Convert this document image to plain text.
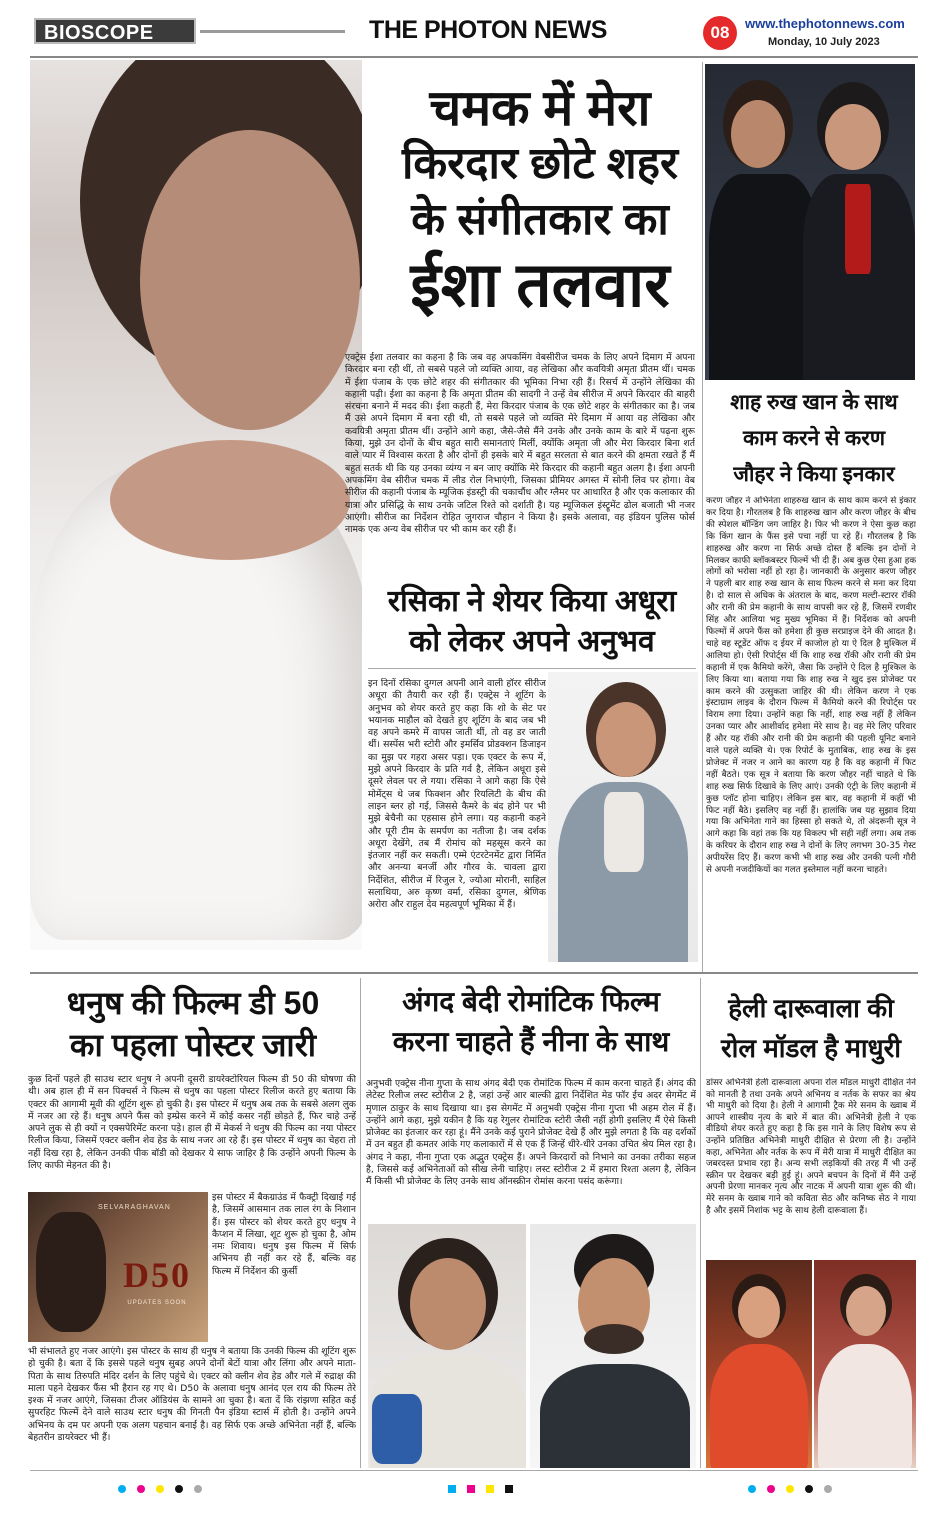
BIOSCOPE	THE PHOTON NEWS	08	www.thephotonnews.com
Monday, 10 July 2023
चमक में मेरा
किरदार छोटे शहर
के संगीतकार का
ईशा तलवार
एक्ट्रेस ईशा तलवार का कहना है कि जब वह अपकमिंग वेबसीरीज चमक के लिए अपने दिमाग में अपना किरदार बना रही थीं, तो सबसे पहले जो व्यक्ति आया, वह लेखिका और कवयित्री अमृता प्रीतम थीं। चमक में ईशा पंजाब के एक छोटे शहर की संगीतकार की भूमिका निभा रही हैं। रिसर्च में उन्होंने लेखिका की कहानी पढ़ी। ईशा का कहना है कि अमृता प्रीतम की सादगी ने उन्हें वेब सीरीज में अपने किरदार की बाहरी संरचना बनाने में मदद की। ईशा कहती हैं, मेरा किरदार पंजाब के एक छोटे शहर के संगीतकार का है। जब मैं उसे अपने दिमाग में बना रही थी, तो सबसे पहले जो व्यक्ति मेरे दिमाग में आया वह लेखिका और कवयित्री अमृता प्रीतम थीं। उन्होंने आगे कहा, जैसे-जैसे मैंने उनके और उनके काम के बारे में पढ़ना शुरू किया, मुझे उन दोनों के बीच बहुत सारी समानताएं मिलीं, क्योंकि अमृता जी और मेरा किरदार बिना शर्त वाले प्यार में विश्वास करता है और दोनों ही इसके बारे में बहुत सरलता से बात करने की क्षमता रखते हैं मैं बहुत सतर्क थी कि यह उनका व्यंग्य न बन जाए क्योंकि मेरे किरदार की कहानी बहुत अलग है। ईशा अपनी अपकमिंग वेब सीरीज चमक में लीड रोल निभाएंगी, जिसका प्रीमियर अगस्त में सोनी लिव पर होगा। वेब सीरीज की कहानी पंजाब के म्यूजिक इंडस्ट्री की चकाचौंध और ग्लैमर पर आधारित है और एक कलाकार की यात्रा और प्रसिद्धि के साथ उनके जटिल रिश्ते को दर्शाती है। यह म्यूजिकल इंस्ट्रूमेंट ढोल बजाती भी नजर आएंगी। सीरीज का निर्देशन रोहित जुगराज चौहान ने किया है। इसके अलावा, वह इंडियन पुलिस फोर्स नामक एक अन्य वेब सीरीज पर भी काम कर रही हैं।
रसिका ने शेयर किया अधूरा
को लेकर अपने अनुभव
इन दिनों रसिका दुग्गल अपनी आने वाली हॉरर सीरीज अधूरा की तैयारी कर रही हैं। एक्ट्रेस ने शूटिंग के अनुभव को शेयर करते हुए कहा कि शो के सेट पर भयानक माहौल को देखते हुए शूटिंग के बाद जब भी वह अपने कमरे में वापस जाती थीं, तो वह डर जाती थीं। सस्पेंस भरी स्टोरी और इमर्सिव प्रोडक्शन डिजाइन का मुझ पर गहरा असर पड़ा। एक एक्टर के रूप में, मुझे अपने किरदार के प्रति गर्व है, लेकिन अधूरा इसे दूसरे लेवल पर ले गया। रसिका ने आगे कहा कि ऐसे मोमेंट्स थे जब फिक्शन और रियलिटी के बीच की लाइन ब्लर हो गई, जिससे कैमरे के बंद होने पर भी मुझे बेचैनी का एहसास होने लगा। यह कहानी कहने और पूरी टीम के समर्पण का नतीजा है। जब दर्शक अधूरा देखेंगे, तब मैं रोमांच को महसूस करने का इंतजार नहीं कर सकती। एम्मे एंटरटेनमेंट द्वारा निर्मित और अनन्या बनर्जी और गौरव के. चावला द्वारा निर्देशित, सीरीज में रिजुल रे, ज्योआ मोरानी, साहिल सलाथिया, अरु कृष्ण वर्मा, रसिका दुग्गल, श्रेणिक अरोरा और राहुल देव महत्वपूर्ण भूमिका में हैं।
शाह रुख खान के साथ
काम करने से करण
जौहर ने किया इनकार
करण जौहर ने अभिनेता शाहरुख खान के साथ काम करने से इंकार कर दिया है। गौरतलब है कि शाहरुख खान और करण जौहर के बीच की स्पेशल बॉन्डिंग जग जाहिर है। फिर भी करण ने ऐसा कुछ कहा कि किंग खान के फैंस इसे पचा नहीं पा रहे हैं। गौरतलब है कि शाहरुख और करण ना सिर्फ अच्छे दोस्त हैं बल्कि इन दोनों ने मिलकर काफी ब्लॉकबस्टर फिल्में भी दी हैं। अब कुछ ऐसा हुआ हक लोगों को भरोसा नहीं हो रहा है। जानकारी के अनुसार करण जौहर ने पहली बार शाह रुख खान के साथ फिल्म करने से मना कर दिया है। दो साल से अधिक के अंतराल के बाद, करण मल्टी-स्टारर रॉकी और रानी की प्रेम कहानी के साथ वापसी कर रहे हैं, जिसमें रणवीर सिंह और आलिया भट्ट मुख्य भूमिका में हैं। निर्देशक को अपनी फिल्मों में अपने फैंस को हमेशा ही कुछ सरप्राइज देने की आदत है। चाहे वह स्टूडेंट ऑफ द ईयर में काजोल हो या ऐ दिल है मुश्किल में आलिया हो। ऐसी रिपोर्ट्स थीं कि शाह रुख रॉकी और रानी की प्रेम कहानी में एक कैमियो करेंगे, जैसा कि उन्होंने ऐ दिल है मुश्किल के लिए किया था। बताया गया कि शाह रुख ने खुद इस प्रोजेक्ट पर काम करने की उत्सुकता जाहिर की थी। लेकिन करण ने एक इंस्टाग्राम लाइव के दौरान फिल्म में कैमियो करने की रिपोर्ट्स पर विराम लगा दिया। उन्होंने कहा कि नहीं, शाह रुख नहीं हैं लेकिन उनका प्यार और आशीर्वाद हमेशा मेरे साथ है। वह मेरे लिए परिवार हैं और यह रॉकी और रानी की प्रेम कहानी की पहली यूनिट बनाने वाले पहले व्यक्ति थे। एक रिपोर्ट के मुताबिक, शाह रुख के इस प्रोजेक्ट में नजर न आने का कारण यह है कि वह कहानी में फिट नहीं बैठते। एक सूत्र ने बताया कि करण जौहर नहीं चाहते थे कि शाह रुख सिर्फ दिखावे के लिए आएं। उनकी एंट्री के लिए कहानी में कुछ प्लॉट होना चाहिए। लेकिन इस बार, वह कहानी में कहीं भी फिट नहीं बैठे। इसलिए वह नहीं हैं। हालांकि जब यह सुझाव दिया गया कि अभिनेता गाने का हिस्सा हो सकते थे, तो अंदरूनी सूत्र ने आगे कहा कि वहां तक कि यह विकल्प भी सही नहीं लगा। अब तक के करियर के दौरान शाह रुख ने दोनों के लिए लगभग 30-35 गेस्ट अपीयरेंस दिए हैं। करण कभी भी शाह रुख और उनकी पत्नी गौरी से अपनी नजदीकियों का गलत इस्तेमाल नहीं करना चाहते।
धनुष की फिल्म डी 50
का पहला पोस्टर जारी
कुछ दिनों पहले ही साउथ स्टार धनुष ने अपनी दूसरी डायरेक्टोरियल फिल्म डी 50 की घोषणा की थी। अब हाल ही में सन पिक्चर्स ने फिल्म से धनुष का पहला पोस्टर रिलीज करते हुए बताया कि एक्टर की आगामी मूवी की शूटिंग शुरू हो चुकी है। इस पोस्टर में धनुष अब तक के सबसे अलग लुक में नजर आ रहे हैं। धनुष अपने फैंस को इम्प्रेस करने में कोई कसर नहीं छोड़ते हैं, फिर चाहे उन्हें अपने लुक से ही क्यों न एक्सपेरिमेंट करना पड़े। हाल ही में मेकर्स ने धनुष की फिल्म का नया पोस्टर रिलीज किया, जिसमें एक्टर क्लीन शेव हेड के साथ नजर आ रहे हैं। इस पोस्टर में धनुष का चेहरा तो नहीं दिख रहा है, लेकिन उनकी पीक बॉडी को देखकर ये साफ जाहिर है कि उन्होंने अपनी फिल्म के लिए काफी मेहनत की है।
SELVARAGHAVAN
D50
UPDATES SOON
इस पोस्टर में बैकग्राउंड में फैक्ट्री दिखाई गई है, जिसमें आसमान तक लाल रंग के निशान हैं। इस पोस्टर को शेयर करते हुए धनुष ने कैप्शन में लिखा, शूट शुरू हो चुका है, ओम नमः शिवाय। धनुष इस फिल्म में सिर्फ अभिनय ही नहीं कर रहे हैं, बल्कि वह फिल्म में निर्देशन की कुर्सी
भी संभालते हुए नजर आएंगे। इस पोस्टर के साथ ही धनुष ने बताया कि उनकी फिल्म की शूटिंग शुरू हो चुकी है। बता दें कि इससे पहले धनुष सुबह अपने दोनों बेटों यात्रा और लिंगा और अपने माता-पिता के साथ तिरुपति मंदिर दर्शन के लिए पहुंचे थे। एक्टर को क्लीन शेव हेड और गले में रुद्राक्ष की माला पहने देखकर फैंस भी हैरान रह गए थे। D50 के अलावा धनुष आनंद एल राय की फिल्म तेरे इश्क में नजर आएंगे, जिसका टीजर ऑडियंस के सामने आ चुका है। बता दें कि रांझणा सहित कई सुपरहिट फिल्में देने वाले साउथ स्टार धनुष की गिनती पैन इंडिया स्टार्स में होती है। उन्होंने अपने अभिनय के दम पर अपनी एक अलग पहचान बनाई है। वह सिर्फ एक अच्छे अभिनेता नहीं हैं, बल्कि बेहतरीन डायरेक्टर भी हैं।
अंगद बेदी रोमांटिक फिल्म
करना चाहते हैं नीना के साथ
अनुभवी एक्ट्रेस नीना गुप्ता के साथ अंगद बेदी एक रोमांटिक फिल्म में काम करना चाहते हैं। अंगद की लेटेस्ट रिलीज लस्ट स्टोरीज 2 है, जहां उन्हें आर बाल्की द्वारा निर्देशित मेड फॉर ईच अदर सेगमेंट में मृणाल ठाकुर के साथ दिखाया था। इस सेगमेंट में अनुभवी एक्ट्रेस नीना गुप्ता भी अहम रोल में हैं। उन्होंने आगे कहा, मुझे यकीन है कि यह रेगुलर रोमांटिक स्टोरी जैसी नहीं होगी इसलिए मैं ऐसे किसी प्रोजेक्ट का इंतजार कर रहा हूं। मैंने उनके कई पुराने प्रोजेक्ट देखे हैं और मुझे लगता है कि वह दर्शकों में उन बहुत ही कमतर आंके गए कलाकारों में से एक हैं जिन्हें धीरे-धीरे उनका उचित श्रेय मिल रहा है। अंगद ने कहा, नीना गुप्ता एक अद्भुत एक्ट्रेस हैं। अपने किरदारों को निभाने का उनका तरीका सहज है, जिससे कई अभिनेताओं को सीख लेनी चाहिए। लस्ट स्टोरीज 2 में हमारा रिश्ता अलग है, लेकिन मैं किसी भी प्रोजेक्ट के लिए उनके साथ ऑनस्क्रीन रोमांस करना पसंद करूंगा।
हेली दारूवाला की
रोल मॉडल है माधुरी
डांसर अभिनेत्री हेली दारूवाला अपना रोल मॉडल माधुरी दीक्षित नेने को मानती है तथा उनके अपने अभिनय व नर्तक के सफर का श्रेय भी माधुरी को दिया है। हेली ने आगामी ट्रैक मेरे सनम के ख्वाब में आपने शास्त्रीय नृत्य के बारे में बात की। अभिनेत्री हेली ने एक वीडियो शेयर करते हुए कहा है कि इस गाने के लिए विशेष रूप से उन्होंने प्रतिष्ठित अभिनेत्री माधुरी दीक्षित से प्रेरणा ली है। उन्होंने कहा, अभिनेता और नर्तक के रूप में मेरी यात्रा में माधुरी दीक्षित का जबरदस्त प्रभाव रहा है। अन्य सभी लड़कियों की तरह मैं भी उन्हें स्क्रीन पर देखकर बड़ी हुई हूं। अपने बचपन के दिनों में मैंने उन्हें अपनी प्रेरणा मानकर नृत्य और नाटक में अपनी यात्रा शुरू की थी। मेरे सनम के ख्वाब गाने को कविता सेठ और कनिष्क सेठ ने गाया है और इसमें निशांक भट्ट के साथ हेली दारूवाला हैं।
